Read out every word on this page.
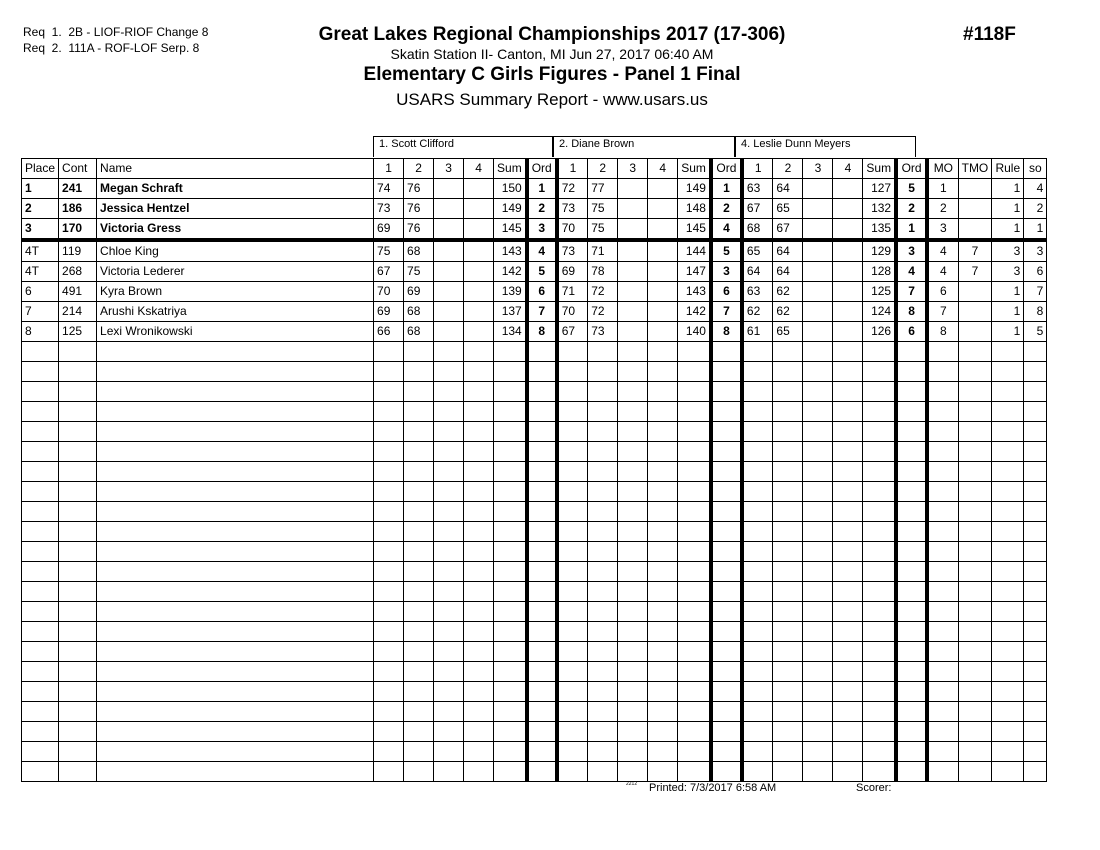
Req  1.  2B - LIOF-RIOF Change 8
Req  2.  111A - ROF-LOF Serp. 8
Great Lakes Regional Championships 2017 (17-306)
Skatin Station II- Canton, MI Jun 27, 2017 06:40 AM
Elementary C Girls Figures - Panel 1 Final
USARS Summary Report - www.usars.us
#118F
1. Scott Clifford	2. Diane Brown	4. Leslie Dunn Meyers
Place	Cont	Name	1	2	3	4	Sum	Ord	1	2	3	4	Sum	Ord	1	2	3	4	Sum	Ord	MO	TMO	Rule	so
1	241	Megan Schraft	74	76			150	1	72	77			149	1	63	64			127	5	1		1	4
2	186	Jessica Hentzel	73	76			149	2	73	75			148	2	67	65			132	2	2		1	2
3	170	Victoria Gress	69	76			145	3	70	75			145	4	68	67			135	1	3		1	1
4T	119	Chloe King	75	68			143	4	73	71			144	5	65	64			129	3	4	7	3	3
4T	268	Victoria Lederer	67	75			142	5	69	78			147	3	64	64			128	4	4	7	3	6
6	491	Kyra Brown	70	69			139	6	71	72			143	6	63	62			125	7	6		1	7
7	214	Arushi Kskatriya	69	68			137	7	70	72			142	7	62	62			124	8	7		1	8
8	125	Lexi Wronikowski	66	68			134	8	67	73			140	8	61	65			126	6	8		1	5

2212 Printed: 7/3/2017 6:58 AM	Scorer:
